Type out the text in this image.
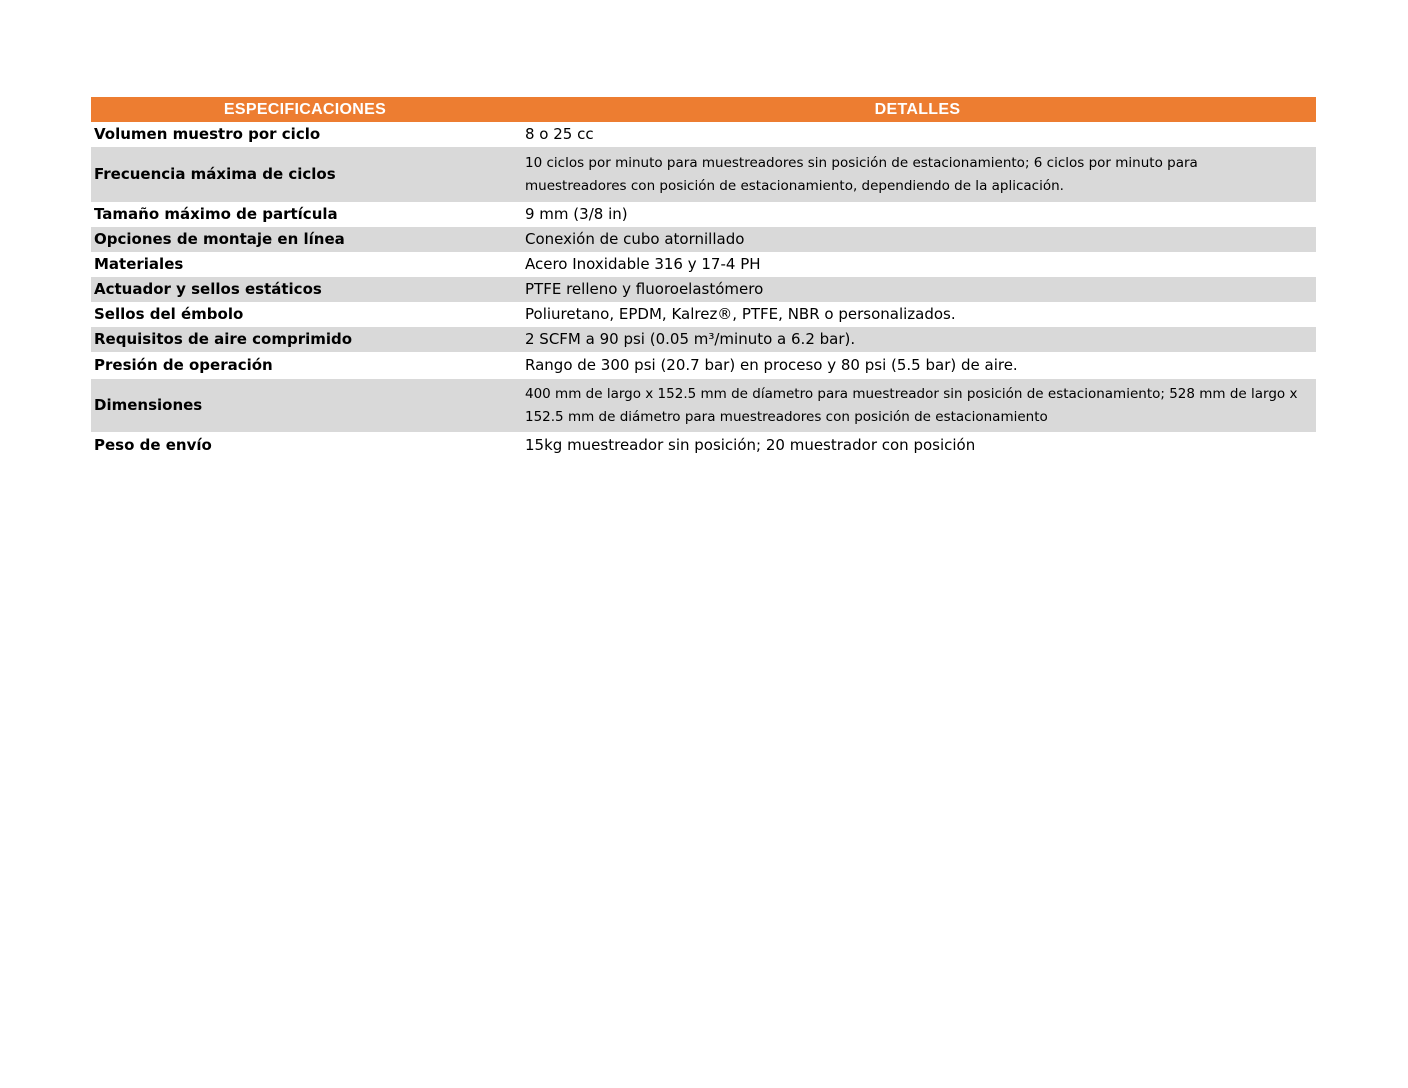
ESPECIFICACIONES	DETALLES
Volumen muestro por ciclo	8 o 25 cc
Frecuencia máxima de ciclos	10 ciclos por minuto para muestreadores sin posición de estacionamiento; 6 ciclos por minuto para muestreadores con posición de estacionamiento, dependiendo de la aplicación.
Tamaño máximo de partícula	9 mm (3/8 in)
Opciones de montaje en línea	Conexión de cubo atornillado
Materiales	Acero Inoxidable 316 y 17-4 PH
Actuador y sellos estáticos	PTFE relleno y fluoroelastómero
Sellos del émbolo	Poliuretano, EPDM, Kalrez®, PTFE, NBR o personalizados.
Requisitos de aire comprimido	2 SCFM a 90 psi (0.05 m³/minuto a 6.2 bar).
Presión de operación	Rango de 300 psi (20.7 bar) en proceso y 80 psi (5.5 bar) de aire.
Dimensiones	400 mm de largo x 152.5 mm de díametro para muestreador sin posición de estacionamiento; 528 mm de largo x 152.5 mm de diámetro para muestreadores con posición de estacionamiento
Peso de envío	15kg muestreador sin posición; 20 muestrador con posición
